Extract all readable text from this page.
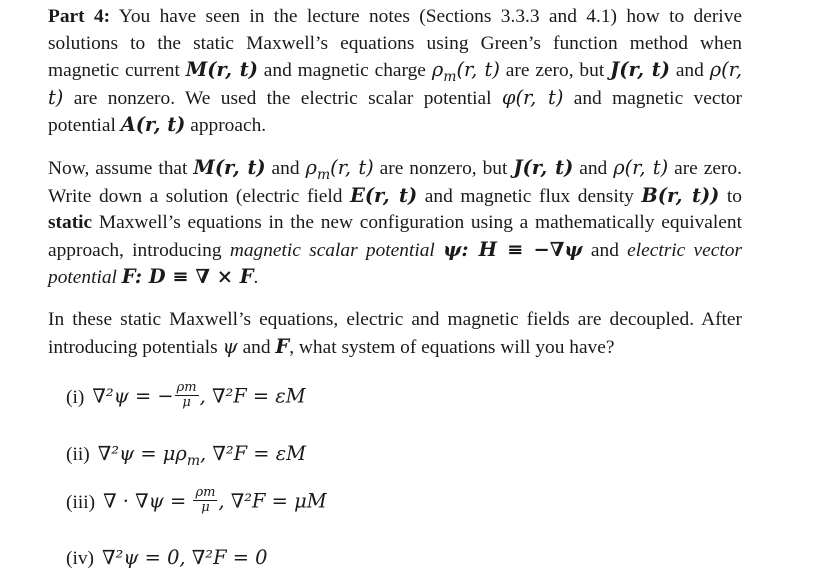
Part 4: You have seen in the lecture notes (Sections 3.3.3 and 4.1) how to derive solutions to the static Maxwell’s equations using Green’s function method when magnetic current M(r, t) and magnetic charge $\rho_m(r$, t) are zero, but J(r, t) and ρ(r, t) are nonzero. We used the electric scalar potential φ(r, t) and magnetic vector potential A(r, t) approach.
Now, assume that M(r, t) and $\rho_m(r$, t) are nonzero, but J(r, t) and ρ(r, t) are zero. Write down a solution (electric field E(r, t) and magnetic flux density B(r, t)) to static Maxwell’s equations in the new configuration using a mathematically equivalent approach, introducing magnetic scalar potential ψ: H ≡ −∇ψ and electric vector potential F: D ≡ ∇ × F.
In these static Maxwell’s equations, electric and magnetic fields are decoupled. After introducing potentials ψ and F, what system of equations will you have?
(i) ∇²ψ = − $\frac{\rho m}{\mu}$ , ∇²F = εM
(ii) $\nabla^2\psi = \mu\rho_m$, ∇²F = εM
(iii) ∇ · $\nabla\psi = \frac{\rho m}{\mu}$ , ∇²F = μM
(iv) ∇²ψ = 0, ∇²F = 0
